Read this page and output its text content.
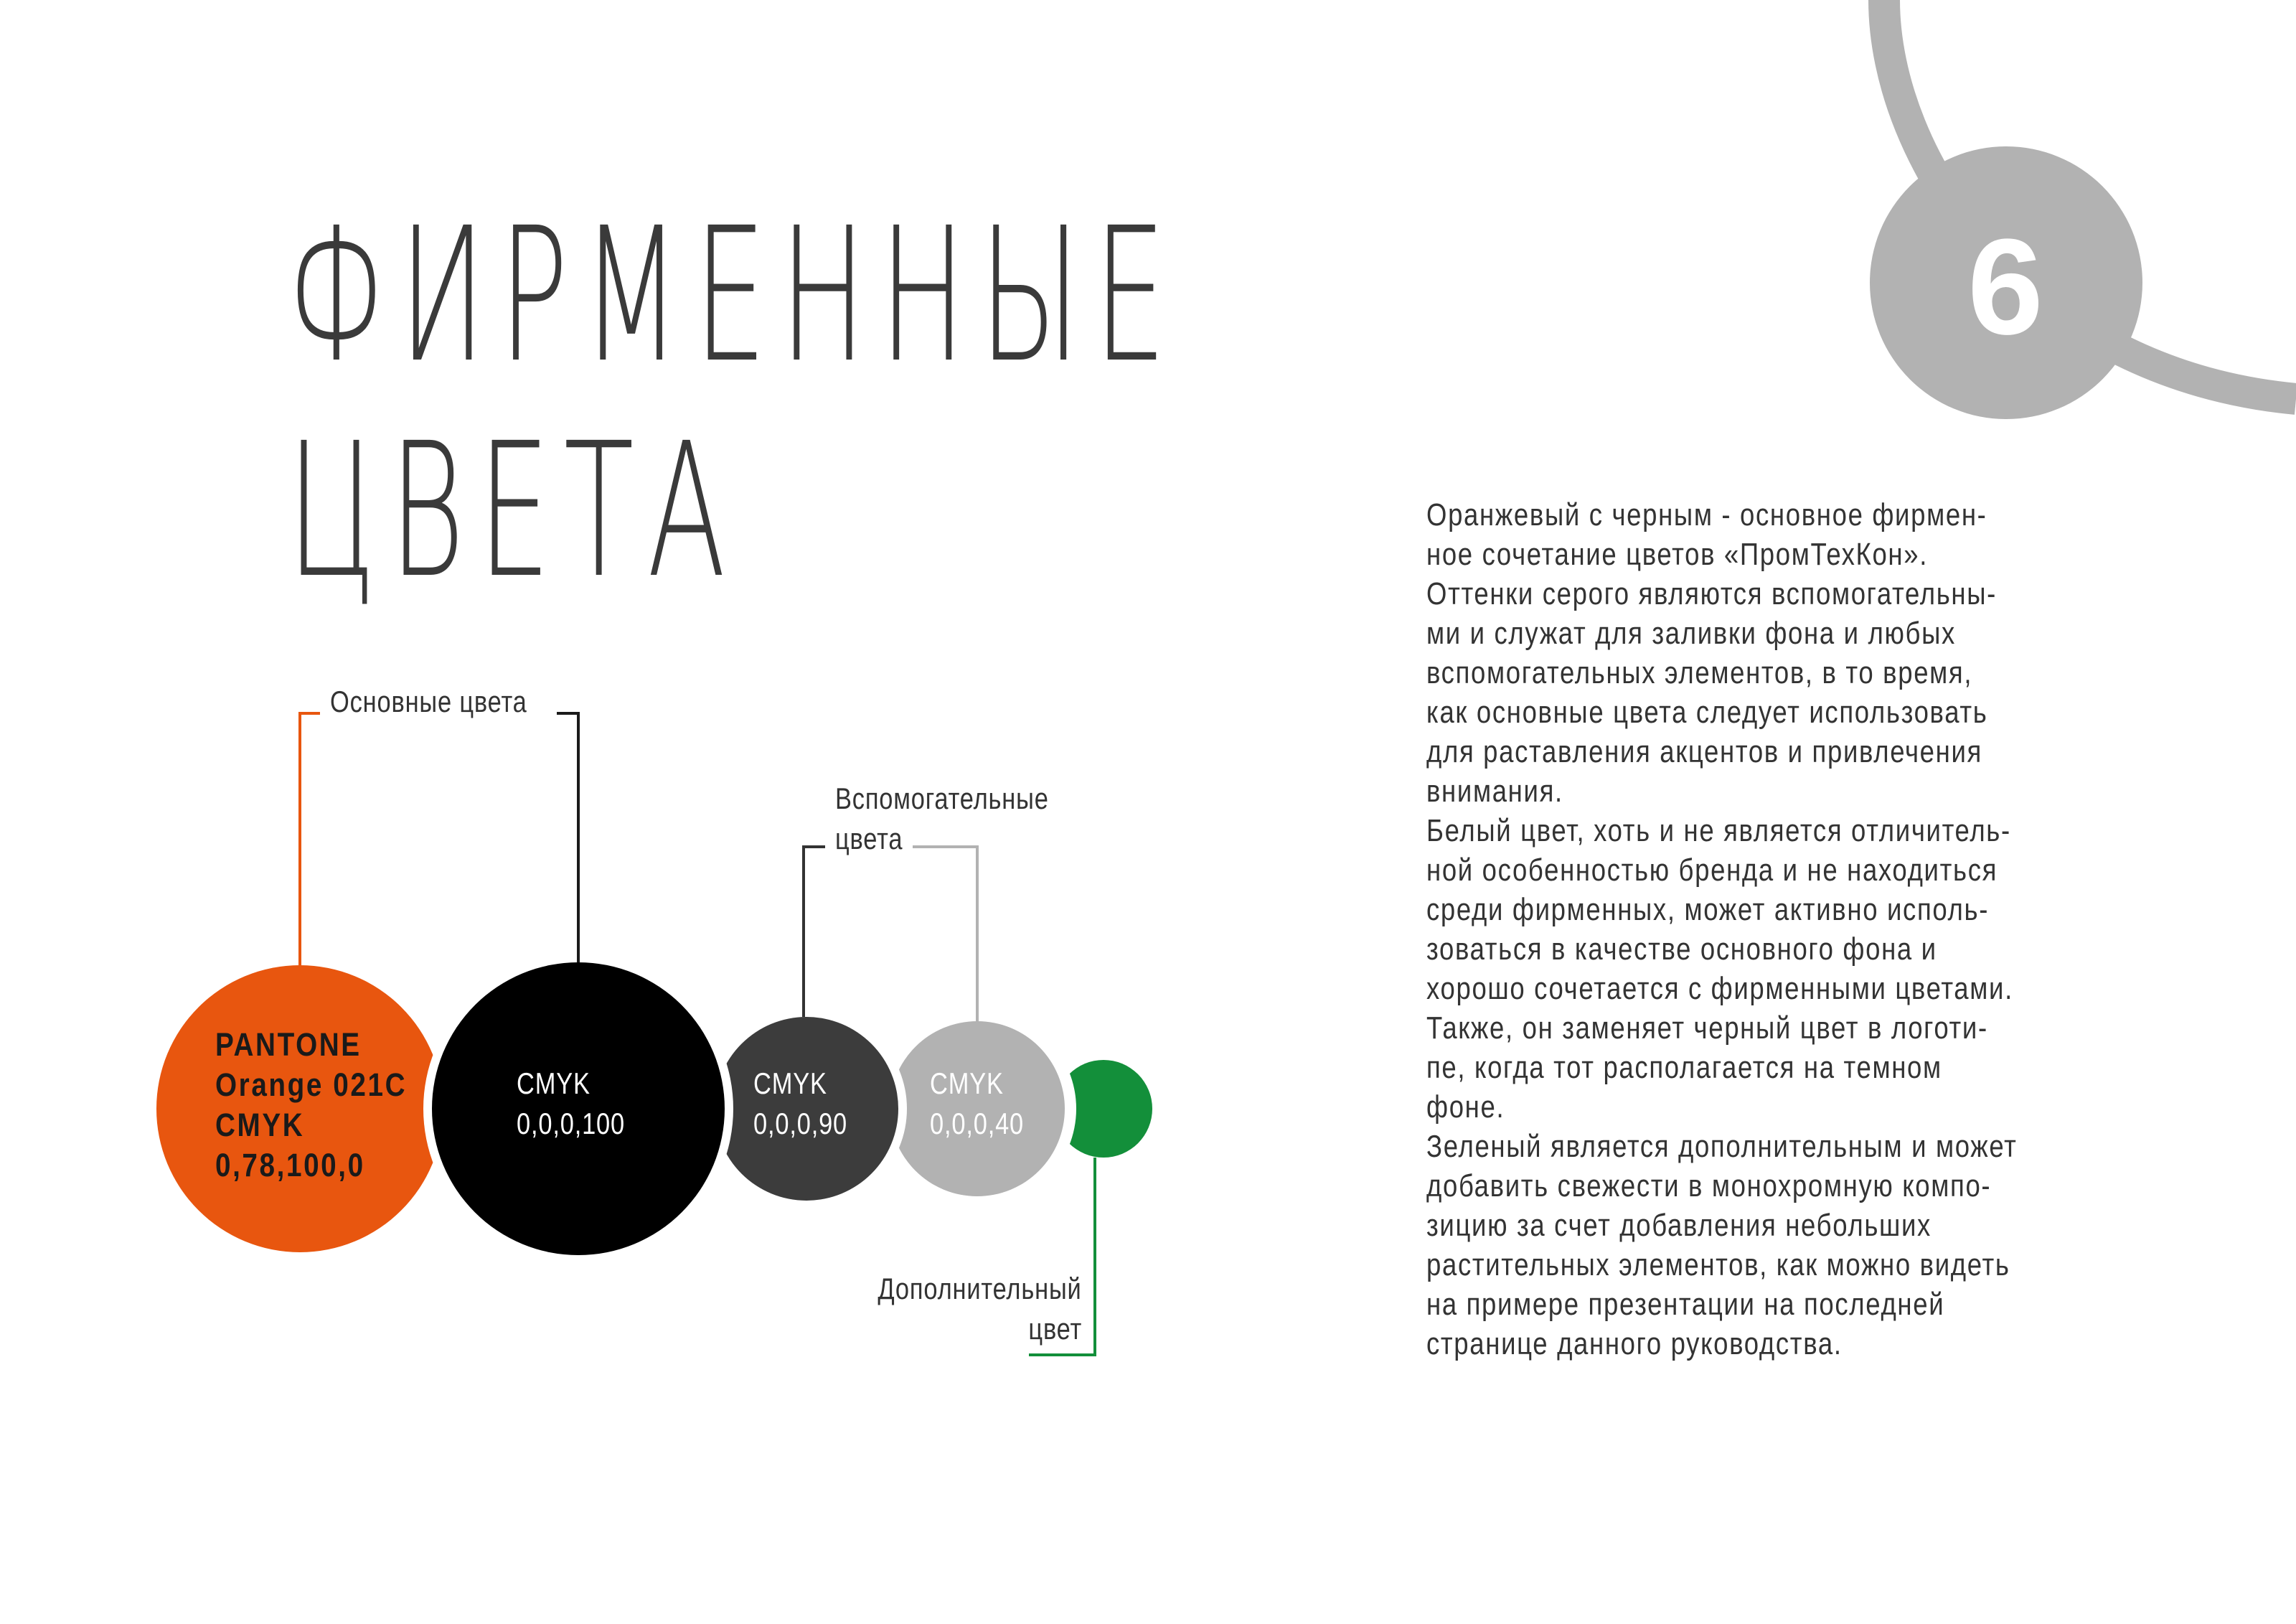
ФИРМЕННЫЕ
ЦВЕТА
6
Основные цвета
Вспомогательные
цвета
Дополнительный
цвет
PANTONE
Orange 021C
CMYK
0,78,100,0
CMYK
0,0,0,100
CMYK
0,0,0,90
CMYK
0,0,0,40

Оранжевый с черным - основное фирмен-

ное сочетание цветов «ПромТехКон».

Оттенки серого являются вспомогательны-

ми и служат для заливки фона и любых

вспомогательных элементов, в то время,

как основные цвета следует использовать

для раставления акцентов и привлечения

внимания.

Белый цвет, хоть и не является отличитель-

ной особенностью бренда и не находиться

среди фирменных, может активно исполь-

зоваться в качестве основного фона и

хорошо сочетается с фирменными цветами.

Также, он заменяет черный цвет в логоти-

пе, когда тот располагается на темном

фоне.

Зеленый является дополнительным и может

добавить свежести в монохромную компо-

зицию за счет добавления небольших

растительных элементов, как можно видеть

на примере презентации на последней

странице данного руководства.
